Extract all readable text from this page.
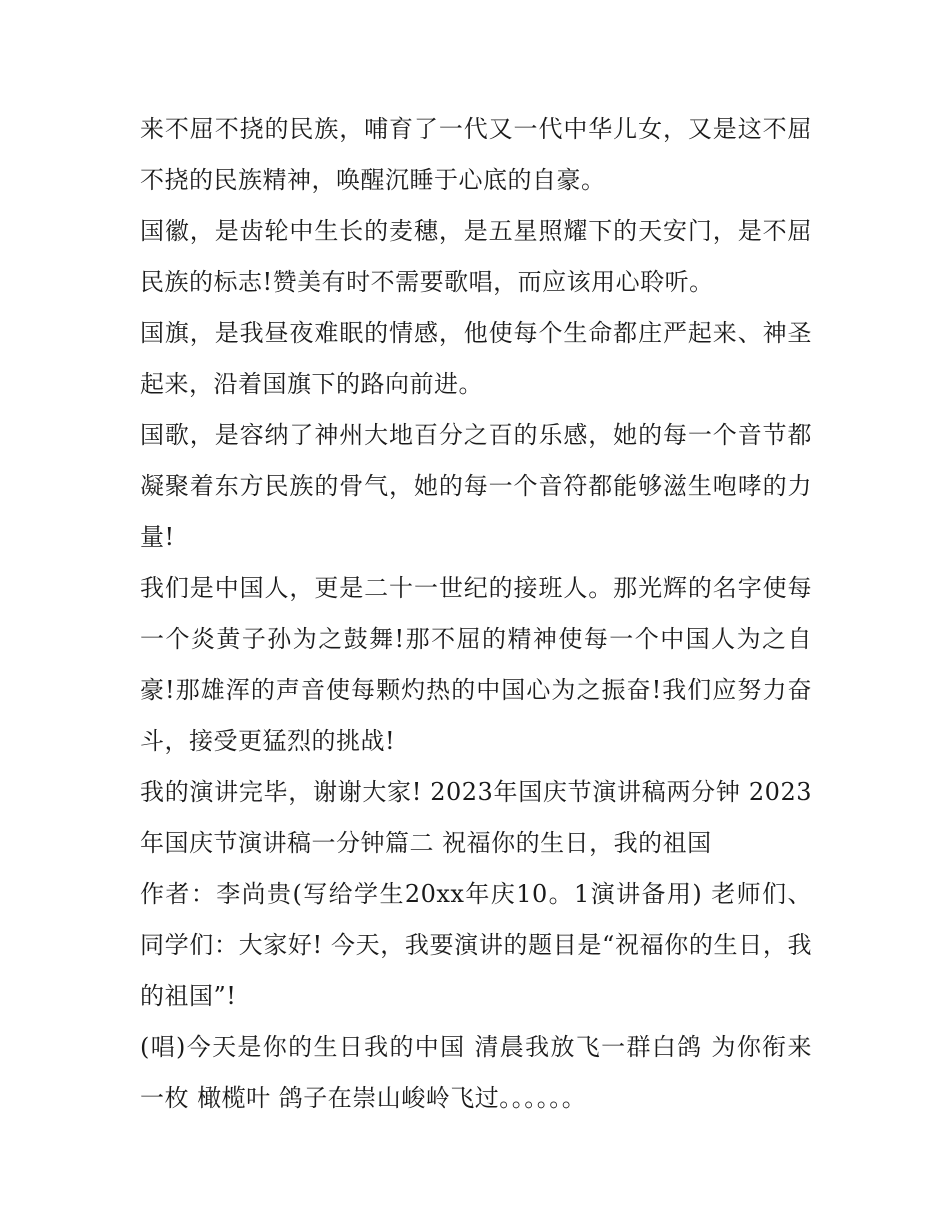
来不屈不挠的民族，哺育了一代又一代中华儿女，又是这不屈不挠的民族精神，唤醒沉睡于心底的自豪。

国徽，是齿轮中生长的麦穗，是五星照耀下的天安门，是不屈民族的标志!赞美有时不需要歌唱，而应该用心聆听。

国旗，是我昼夜难眠的情感，他使每个生命都庄严起来、神圣起来，沿着国旗下的路向前进。

国歌，是容纳了神州大地百分之百的乐感，她的每一个音节都凝聚着东方民族的骨气，她的每一个音符都能够滋生咆哮的力量!

我们是中国人，更是二十一世纪的接班人。那光辉的名字使每一个炎黄子孙为之鼓舞!那不屈的精神使每一个中国人为之自豪!那雄浑的声音使每颗灼热的中国心为之振奋!我们应努力奋斗，接受更猛烈的挑战!

我的演讲完毕，谢谢大家! 2023年国庆节演讲稿两分钟 2023年国庆节演讲稿一分钟篇二 祝福你的生日，我的祖国

作者：李尚贵(写给学生20xx年庆10。1演讲备用) 老师们、同学们：大家好! 今天，我要演讲的题目是“祝福你的生日，我的祖国”!

(唱)今天是你的生日我的中国 清晨我放飞一群白鸽 为你衔来一枚 橄榄叶 鸽子在崇山峻岭飞过。。。。。。
